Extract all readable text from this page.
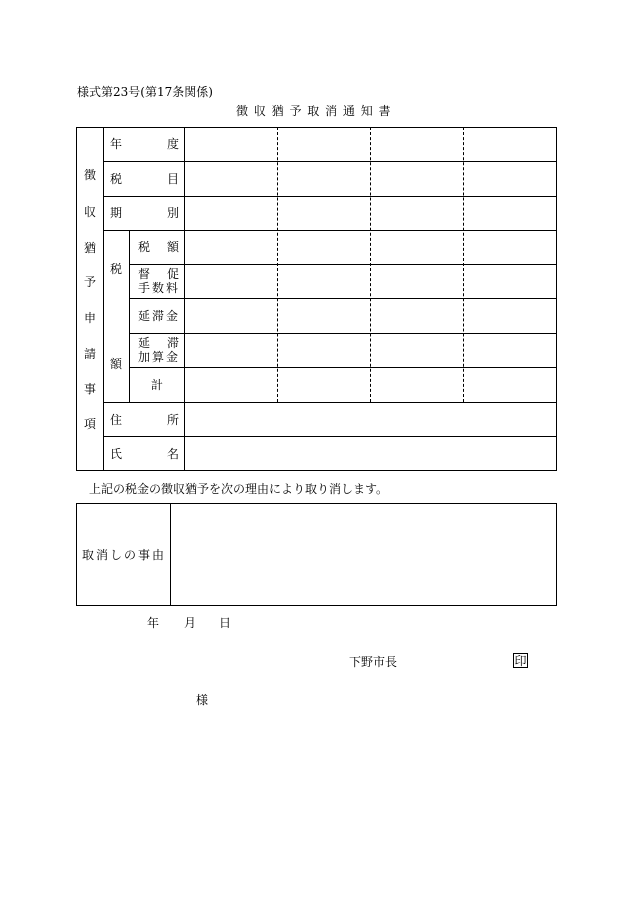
様式第23号(第17条関係)
徴 収 猶 予 取 消 通 知 書
徴
収
猶
予
申
請
事
項
年	度
税	目
期	別
税
額
税 額
督 促
手数料
延滞金
延 滞
加算金
計
住	所
氏	名
上記の税金の徴収猶予を次の理由により取り消します。
取消しの事由
年 月 日
下野市長	印
様
